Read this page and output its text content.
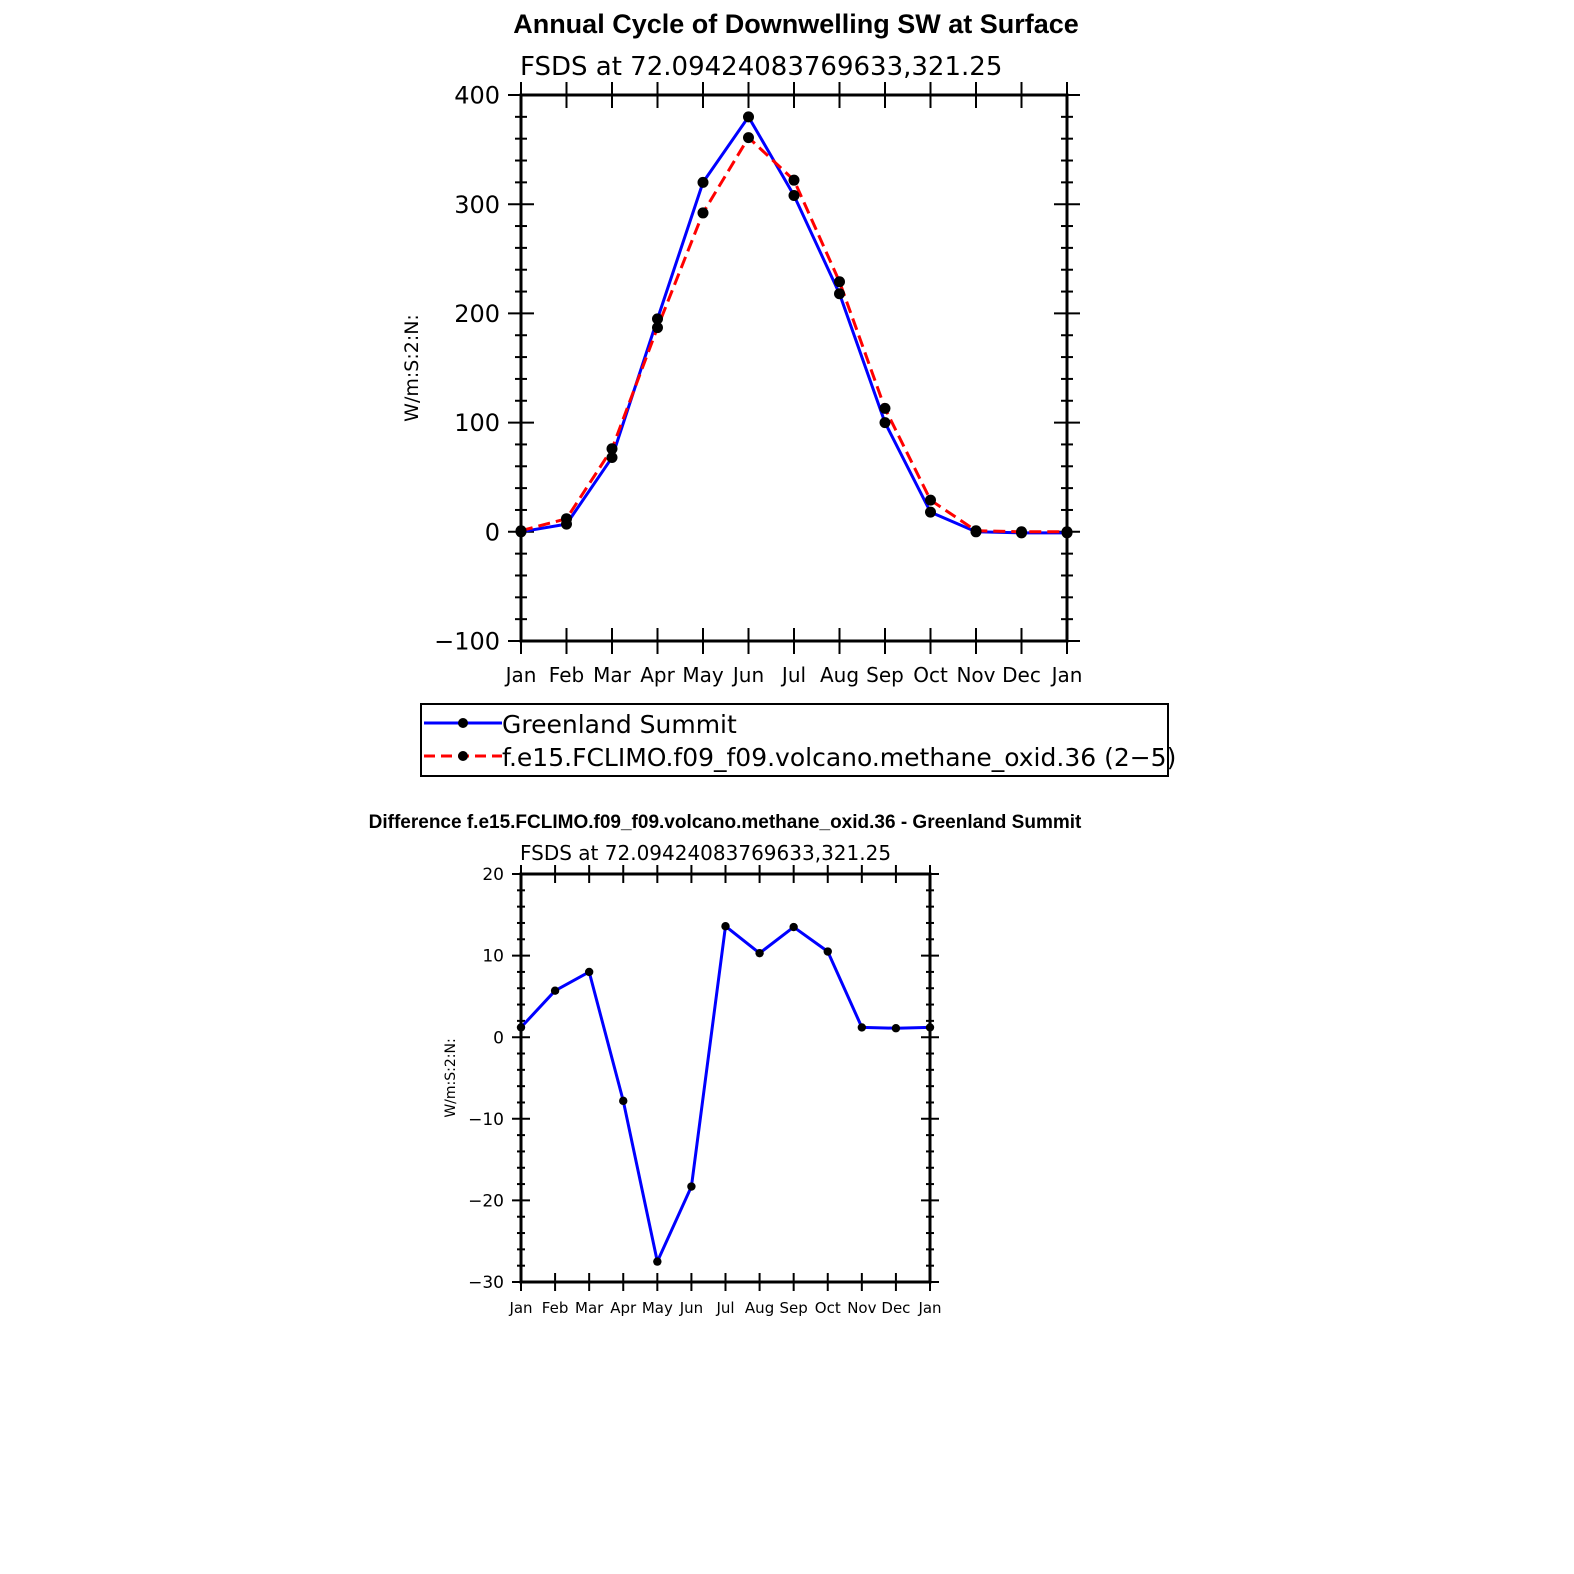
Annual Cycle of Downwelling SW at Surface
FSDS at 72.09424083769633,321.25
W/m:S:2:N:
−100
0
100
200
300
400
Jan Feb Mar Apr May Jun Jul Aug Sep Oct Nov Dec Jan
Greenland Summit
f.e15.FCLIMO.f09_f09.volcano.methane_oxid.36 (2−5)
Difference f.e15.FCLIMO.f09_f09.volcano.methane_oxid.36 - Greenland Summit
FSDS at 72.09424083769633,321.25
W/m:S:2:N:
−30
−20
−10
0
10
20
Jan Feb Mar Apr May Jun Jul Aug Sep Oct Nov Dec Jan
